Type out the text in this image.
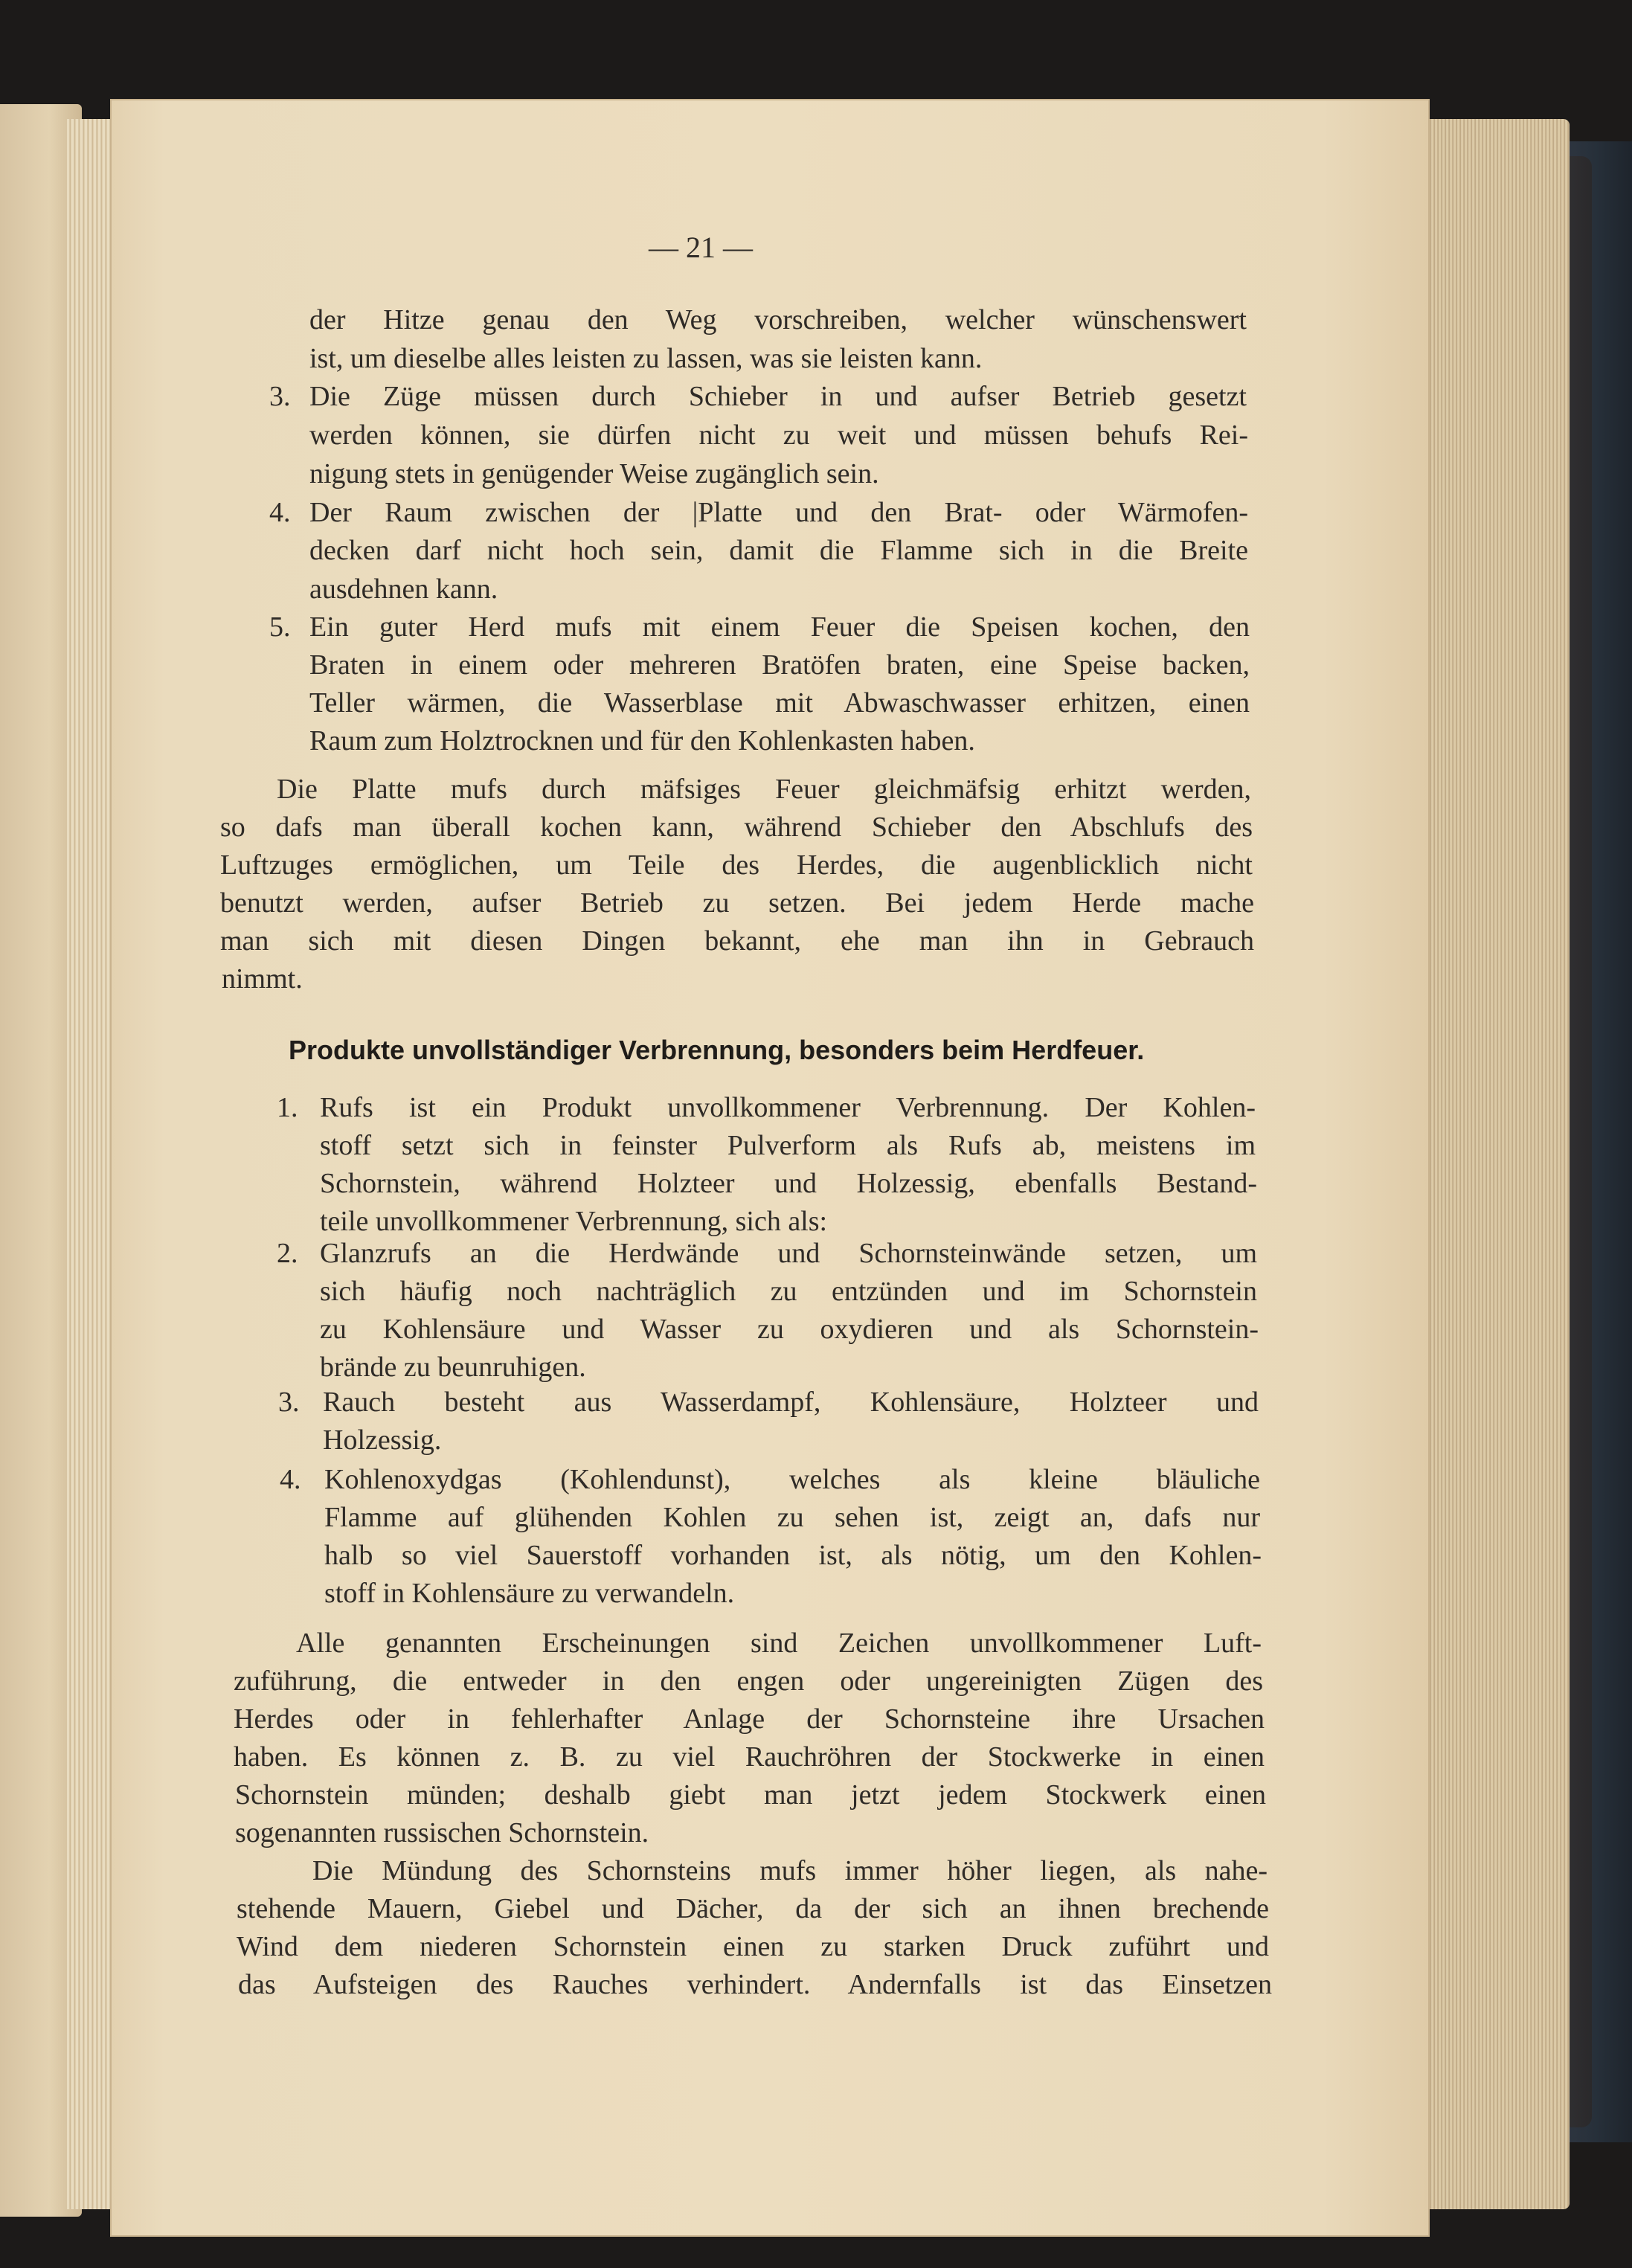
— 21 —
3.
4.
5.
1.
2.
3.
4.
der Hitze genau den Weg vorschreiben, welcher wünschenswert
ist, um dieselbe alles leisten zu lassen, was sie leisten kann.
Die Züge müssen durch Schieber in und aufser Betrieb gesetzt
werden können, sie dürfen nicht zu weit und müssen behufs Rei-
nigung stets in genügender Weise zugänglich sein.
Der Raum zwischen der |Platte und den Brat- oder Wärmofen-
decken darf nicht hoch sein, damit die Flamme sich in die Breite
ausdehnen kann.
Ein guter Herd mufs mit einem Feuer die Speisen kochen, den
Braten in einem oder mehreren Bratöfen braten, eine Speise backen,
Teller wärmen, die Wasserblase mit Abwaschwasser erhitzen, einen
Raum zum Holztrocknen und für den Kohlenkasten haben.
Die Platte mufs durch mäfsiges Feuer gleichmäfsig erhitzt werden,
so dafs man überall kochen kann, während Schieber den Abschlufs des
Luftzuges ermöglichen, um Teile des Herdes, die augenblicklich nicht
benutzt werden, aufser Betrieb zu setzen. Bei jedem Herde mache
man sich mit diesen Dingen bekannt, ehe man ihn in Gebrauch
nimmt.
Produkte unvollständiger Verbrennung, besonders beim Herdfeuer.
Rufs ist ein Produkt unvollkommener Verbrennung. Der Kohlen-
stoff setzt sich in feinster Pulverform als Rufs ab, meistens im
Schornstein, während Holzteer und Holzessig, ebenfalls Bestand-
teile unvollkommener Verbrennung, sich als:
Glanzrufs an die Herdwände und Schornsteinwände setzen, um
sich häufig noch nachträglich zu entzünden und im Schornstein
zu Kohlensäure und Wasser zu oxydieren und als Schornstein-
brände zu beunruhigen.
Rauch besteht aus Wasserdampf, Kohlensäure, Holzteer und
Holzessig.
Kohlenoxydgas (Kohlendunst), welches als kleine bläuliche
Flamme auf glühenden Kohlen zu sehen ist, zeigt an, dafs nur
halb so viel Sauerstoff vorhanden ist, als nötig, um den Kohlen-
stoff in Kohlensäure zu verwandeln.
Alle genannten Erscheinungen sind Zeichen unvollkommener Luft-
zuführung, die entweder in den engen oder ungereinigten Zügen des
Herdes oder in fehlerhafter Anlage der Schornsteine ihre Ursachen
haben. Es können z. B. zu viel Rauchröhren der Stockwerke in einen
Schornstein münden; deshalb giebt man jetzt jedem Stockwerk einen
sogenannten russischen Schornstein.
Die Mündung des Schornsteins mufs immer höher liegen, als nahe-
stehende Mauern, Giebel und Dächer, da der sich an ihnen brechende
Wind dem niederen Schornstein einen zu starken Druck zuführt und
das Aufsteigen des Rauches verhindert. Andernfalls ist das Einsetzen
